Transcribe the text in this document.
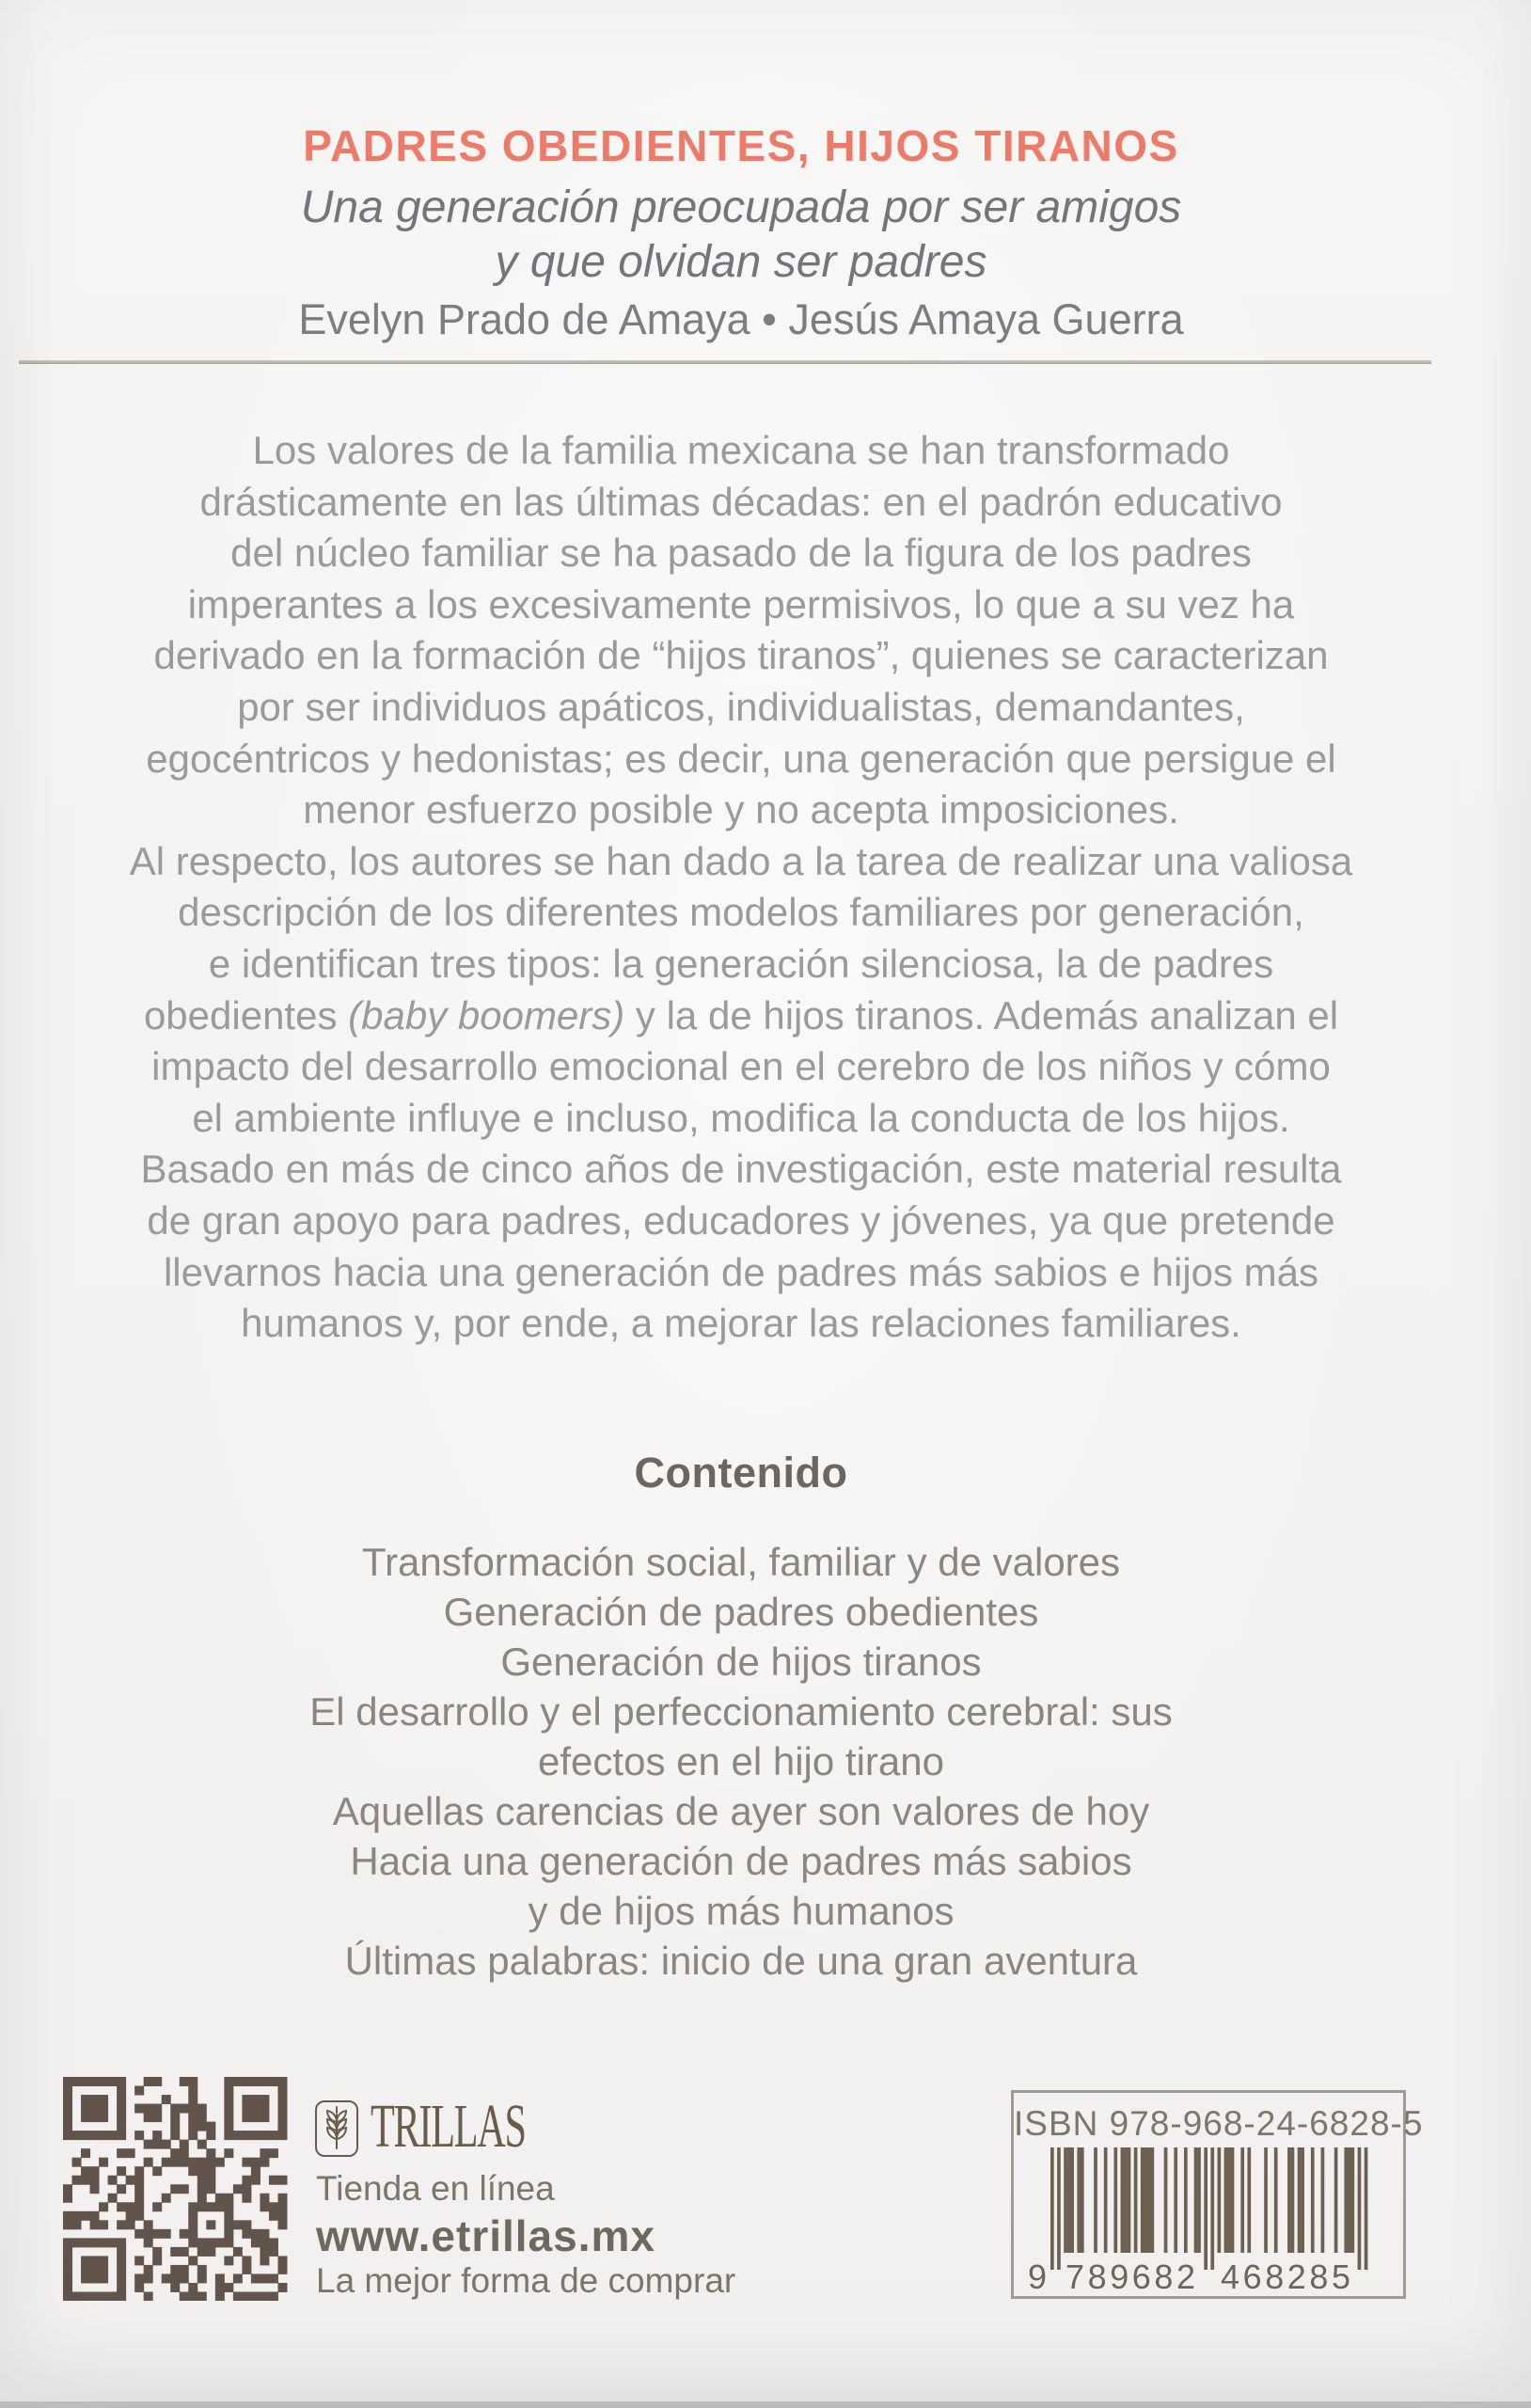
PADRES OBEDIENTES, HIJOS TIRANOS
Una generación preocupada por ser amigos
y que olvidan ser padres
Evelyn Prado de Amaya • Jesús Amaya Guerra
Los valores de la familia mexicana se han transformado
drásticamente en las últimas décadas: en el padrón educativo
del núcleo familiar se ha pasado de la figura de los padres
imperantes a los excesivamente permisivos, lo que a su vez ha
derivado en la formación de “hijos tiranos”, quienes se caracterizan
por ser individuos apáticos, individualistas, demandantes,
egocéntricos y hedonistas; es decir, una generación que persigue el
menor esfuerzo posible y no acepta imposiciones.
Al respecto, los autores se han dado a la tarea de realizar una valiosa
descripción de los diferentes modelos familiares por generación,
e identifican tres tipos: la generación silenciosa, la de padres
obedientes (baby boomers) y la de hijos tiranos. Además analizan el
impacto del desarrollo emocional en el cerebro de los niños y cómo
el ambiente influye e incluso, modifica la conducta de los hijos.
Basado en más de cinco años de investigación, este material resulta
de gran apoyo para padres, educadores y jóvenes, ya que pretende
llevarnos hacia una generación de padres más sabios e hijos más
humanos y, por ende, a mejorar las relaciones familiares.
Contenido
Transformación social, familiar y de valores
Generación de padres obedientes
Generación de hijos tiranos
El desarrollo y el perfeccionamiento cerebral: sus
efectos en el hijo tirano
Aquellas carencias de ayer son valores de hoy
Hacia una generación de padres más sabios
y de hijos más humanos
Últimas palabras: inicio de una gran aventura
TRILLAS
Tienda en línea
www.etrillas.mx
La mejor forma de comprar
ISBN 978-968-24-6828-5
9 789682 468285
